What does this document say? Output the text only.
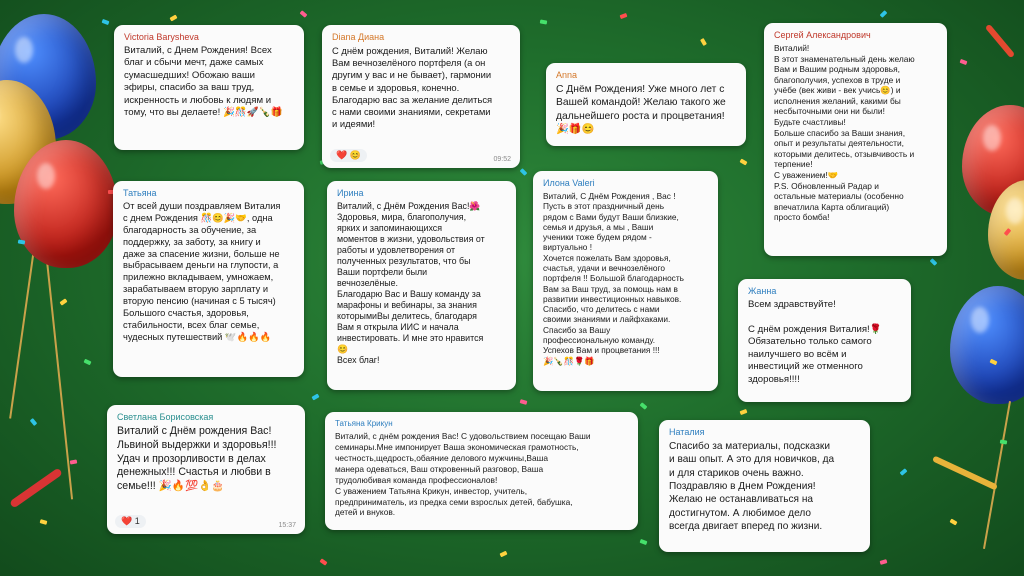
Victoria Barysheva
Виталий, с Днем Рождения! Всех
благ и сбычи мечт, даже самых
сумасшедших! Обожаю ваши
эфиры, спасибо за ваш труд,
искренность и любовь к людям и
тому, что вы делаете! 🎉🎊🚀🍾🎁
Diana Диана
С днём рождения, Виталий! Желаю
Вам вечнозелёного портфеля (а он
другим у вас и не бывает), гармонии
в семье и здоровья, конечно.
Благодарю вас за желание делиться
с нами своими знаниями, секретами
и идеями!
❤️ 😊	09:52
Anna
С Днём Рождения! Уже много лет с
Вашей командой! Желаю такого же
дальнейшего роста и процветания!
🎉🎁😊
Сергей Александрович
Виталий!
В этот знаменательный день желаю
Вам и Вашим родным здоровья,
благополучия, успехов в труде и
учёбе (век живи - век учись😊) и
исполнения желаний, какими бы
несбыточными они ни были!
Будьте счастливы!
Больше спасибо за Ваши знания,
опыт и результаты деятельности,
которыми делитесь, отзывчивость и
терпение!
С уважением!🤝
P.S. Обновленный Радар и
остальные материалы (особенно
впечатлила Карта облигаций)
просто бомба!
Татьяна
От всей души поздравляем Виталия
с днем Рождения 🎊😊🎉🤝, одна
благодарность за обучение, за
поддержку, за заботу, за книгу и
даже за спасение жизни, больше не
выбрасываем деньги на глупости, а
прилежно вкладываем, умножаем,
зарабатываем вторую зарплату и
вторую пенсию (начиная с 5 тысяч)
Большого счастья, здоровья,
стабильности, всех благ семье,
чудесных путешествий 🕊️🔥🔥🔥
Ирина
Виталий, с Днём Рождения Вас!🌺
Здоровья, мира, благополучия,
ярких и запоминающихся
моментов в жизни, удовольствия от
работы и удовлетворения от
полученных результатов, что бы
Ваши портфели были
вечнозелёные.
Благодарю Вас и Вашу команду за
марафоны и вебинары, за знания
которымиВы делитесь, благодаря
Вам я открыла ИИС и начала
инвестировать. И мне это нравится
😊
Всех благ!
Илона Valeri
Виталий, С Днём Рождения , Вас !
Пусть в этот праздничный день
рядом с Вами будут Ваши близкие,
семья и друзья, а мы , Ваши
ученики тоже будем рядом -
виртуально !
Хочется пожелать Вам здоровья,
счастья, удачи и вечнозелёного
портфеля !! Большой благодарность
Вам за Ваш труд, за помощь нам в
развитии инвестиционных навыков.
Спасибо, что делитесь с нами
своими знаниями и лайфхаками.
Спасибо за Вашу
профессиональную команду.
Успехов Вам и процветания !!!
🎉🍾🎊🌹🎁
Жанна
Всем здравствуйте!

С днём рождения Виталия!🌹
Обязательно только самого
наилучшего во всём и
инвестиций же отменного
здоровья!!!!
Светлана Борисовская
Виталий с Днём рождения Вас!
Львиной выдержки и здоровья!!!
Удач и прозорливости в делах
денежных!!! Счастья и любви в
семье!!! 🎉🔥💯👌🎂
❤️ 1	15:37
Татьяна Крикун
Виталий, с днём рождения Вас! С удовольствием посещаю Ваши
семинары.Мне импонирует Ваша экономическая грамотность,
честность,щедрость,обаяние делового мужчины,Ваша
манера одеваться, Ваш откровенный разговор, Ваша
трудолюбивая команда профессионалов!
С уважением Татьяна Крикун, инвестор, учитель,
предприниматель, из предка семи взрослых детей, бабушка,
детей и внуков.
Наталия
Спасибо за материалы, подсказки
и ваш опыт. А это для новичков, да
и для стариков очень важно.
Поздравляю в Днем Рождения!
Желаю не останавливаться на
достигнутом. А любимое дело
всегда двигает вперед по жизни.
